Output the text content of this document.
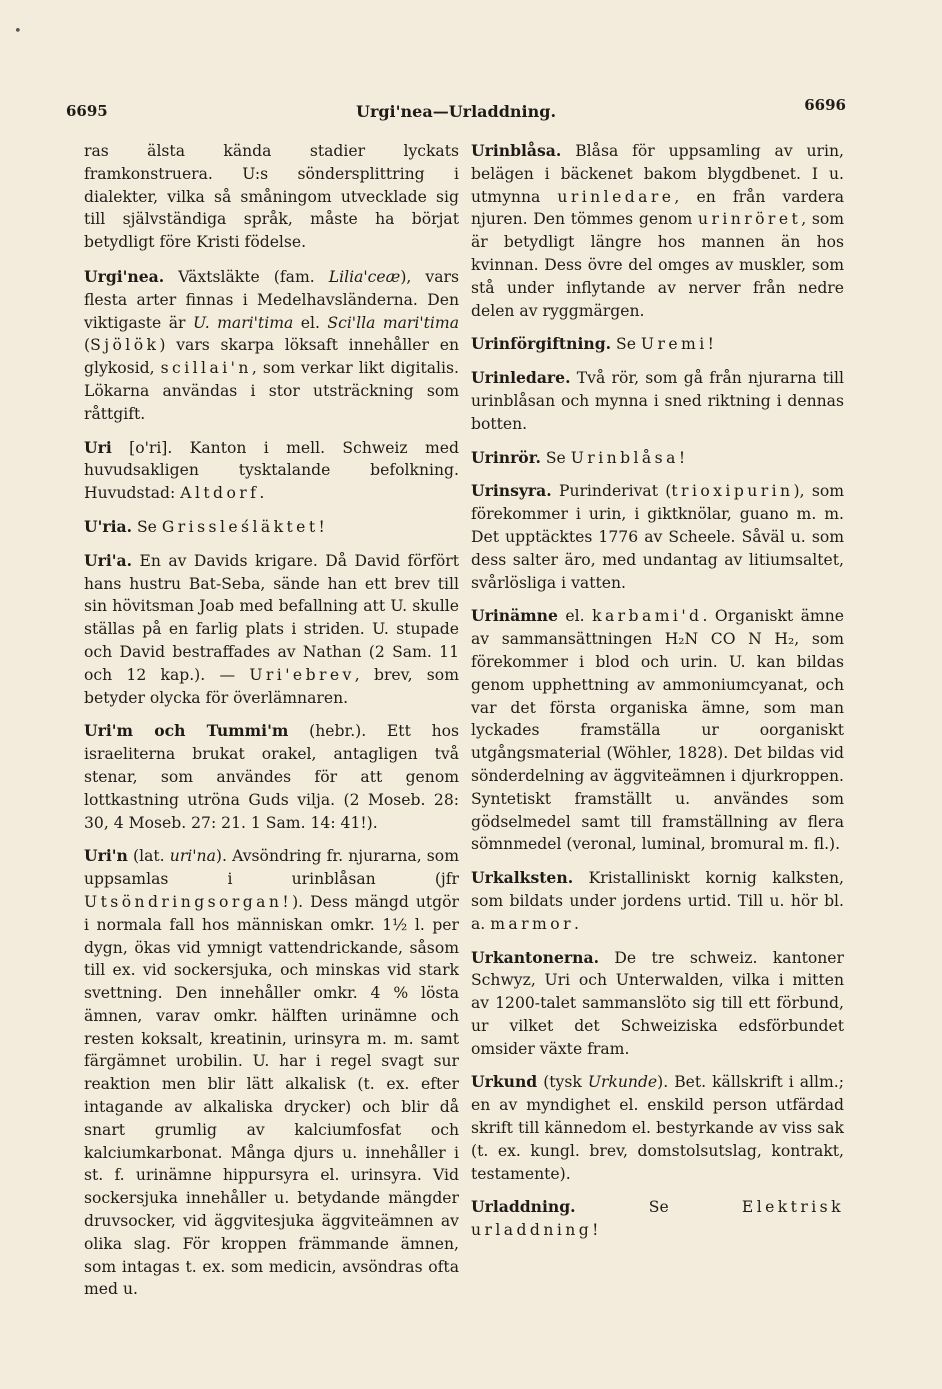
•
6695	Urgi'nea—Urladdning.	6696

ras älsta kända stadier lyckats framkonstruera. U:s söndersplittring i dialekter, vilka så småningom utvecklade sig till självständiga språk, måste ha börjat betydligt före Kristi födelse.

Urgi'nea. Växtsläkte (fam. Lilia'ceæ), vars flesta arter finnas i Medelhavsländerna. Den viktigaste är U. mari'tima el. Sci'lla mari'tima (Sjölök) vars skarpa löksaft innehåller en glykosid, scillai'n, som verkar likt digitalis. Lökarna användas i stor utsträckning som råttgift.

Uri [o'ri]. Kanton i mell. Schweiz med huvudsakligen tysktalande befolkning. Huvudstad: Altdorf.

U'ria. Se Grissleśläktet!

Uri'a. En av Davids krigare. Då David förfört hans hustru Bat-Seba, sände han ett brev till sin hövitsman Joab med befallning att U. skulle ställas på en farlig plats i striden. U. stupade och David bestraffades av Nathan (2 Sam. 11 och 12 kap.). — Uri'ebrev, brev, som betyder olycka för överlämnaren.

Uri'm och Tummi'm (hebr.). Ett hos israeliterna brukat orakel, antagligen två stenar, som användes för att genom lottkastning utröna Guds vilja. (2 Moseb. 28: 30, 4 Moseb. 27: 21. 1 Sam. 14: 41!).

Uri'n (lat. uri'na). Avsöndring fr. njurarna, som uppsamlas i urinblåsan (jfr Utsöndringsorgan!). Dess mängd utgör i normala fall hos människan omkr. 1½ l. per dygn, ökas vid ymnigt vattendrickande, såsom till ex. vid sockersjuka, och minskas vid stark svettning. Den innehåller omkr. 4 % lösta ämnen, varav omkr. hälften urinämne och resten koksalt, kreatinin, urinsyra m. m. samt färgämnet urobilin. U. har i regel svagt sur reaktion men blir lätt alkalisk (t. ex. efter intagande av alkaliska drycker) och blir då snart grumlig av kalciumfosfat och kalciumkarbonat. Många djurs u. innehåller i st. f. urinämne hippursyra el. urinsyra. Vid sockersjuka innehåller u. betydande mängder druvsocker, vid äggvitesjuka äggviteämnen av olika slag. För kroppen främmande ämnen, som intagas t. ex. som medicin, avsöndras ofta med u.

Urinblåsa. Blåsa för uppsamling av urin, belägen i bäckenet bakom blygdbenet. I u. utmynna urinledare, en från vardera njuren. Den tömmes genom urinröret, som är betydligt längre hos mannen än hos kvinnan. Dess övre del omges av muskler, som stå under inflytande av nerver från nedre delen av ryggmärgen.

Urinförgiftning. Se Uremi!

Urinledare. Två rör, som gå från njurarna till urinblåsan och mynna i sned riktning i dennas botten.

Urinrör. Se Urinblåsa!

Urinsyra. Purinderivat (trioxipurin), som förekommer i urin, i giktknölar, guano m. m. Det upptäcktes 1776 av Scheele. Såväl u. som dess salter äro, med undantag av litiumsaltet, svårlösliga i vatten.

Urinämne el. karbami'd. Organiskt ämne av sammansättningen H₂N CO N H₂, som förekommer i blod och urin. U. kan bildas genom upphettning av ammoniumcyanat, och var det första organiska ämne, som man lyckades framställa ur oorganiskt utgångsmaterial (Wöhler, 1828). Det bildas vid sönderdelning av äggviteämnen i djurkroppen. Syntetiskt framställt u. användes som gödselmedel samt till framställning av flera sömnmedel (veronal, luminal, bromural m. fl.).

Urkalksten. Kristalliniskt kornig kalksten, som bildats under jordens urtid. Till u. hör bl. a. marmor.

Urkantonerna. De tre schweiz. kantoner Schwyz, Uri och Unterwalden, vilka i mitten av 1200-talet sammanslöto sig till ett förbund, ur vilket det Schweiziska edsförbundet omsider växte fram.

Urkund (tysk Urkunde). Bet. källskrift i allm.; en av myndighet el. enskild person utfärdad skrift till kännedom el. bestyrkande av viss sak (t. ex. kungl. brev, domstolsutslag, kontrakt, testamente).

Urladdning. Se Elektrisk urladdning!
